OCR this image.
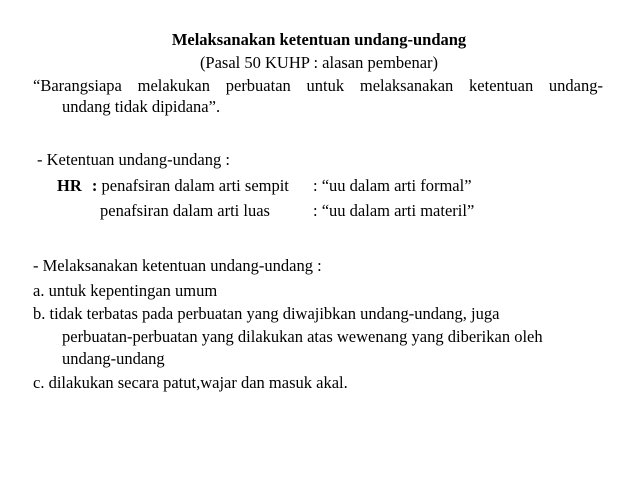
Melaksanakan ketentuan undang-undang
(Pasal 50 KUHP : alasan pembenar)
“Barangsiapa melakukan perbuatan untuk melaksanakan ketentuan undang-
undang tidak dipidana”.
- Ketentuan undang-undang :
HR : penafsiran dalam arti sempit : “uu dalam arti formal”
penafsiran dalam arti luas	: “uu dalam arti materil”
- Melaksanakan ketentuan undang-undang :
a. untuk kepentingan umum
b. tidak terbatas pada perbuatan yang diwajibkan undang-undang, juga
perbuatan-perbuatan yang dilakukan atas wewenang yang diberikan oleh
undang-undang
c. dilakukan secara patut,wajar dan masuk akal.
